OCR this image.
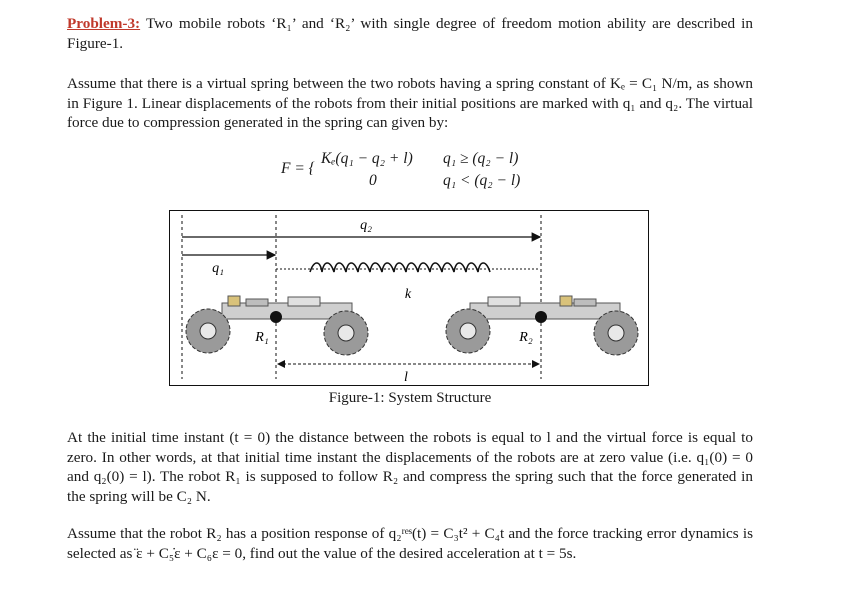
Problem-3: Two mobile robots ‘R₁’ and ‘R₂’ with single degree of freedom motion ability are described in Figure-1.
Assume that there is a virtual spring between the two robots having a spring constant of Kₑ = C₁ N/m, as shown in Figure 1. Linear displacements of the robots from their initial positions are marked with q₁ and q₂. The virtual force due to compression generated in the spring can given by:
F = {
Kₑ(q₁ − q₂ + l)
0
q₁ ≥ (q₂ − l)
q₁ < (q₂ − l)
q₂
q₁
k
R₁	R₂
l
Figure-1: System Structure
At the initial time instant (t = 0) the distance between the robots is equal to l and the virtual force is equal to zero. In other words, at that initial time instant the displacements of the robots are at zero value (i.e. q₁(0) = 0 and q₂(0) = l). The robot R₁ is supposed to follow R₂ and compress the spring such that the force generated in the spring will be C₂ N.
Assume that the robot R₂ has a position response of q₂ʳᵉˢ(t) = C₃t² + C₄t and the force tracking error dynamics is selected as ̈ε + C₅̇ε + C₆ε = 0, find out the value of the desired acceleration at t = 5s.
